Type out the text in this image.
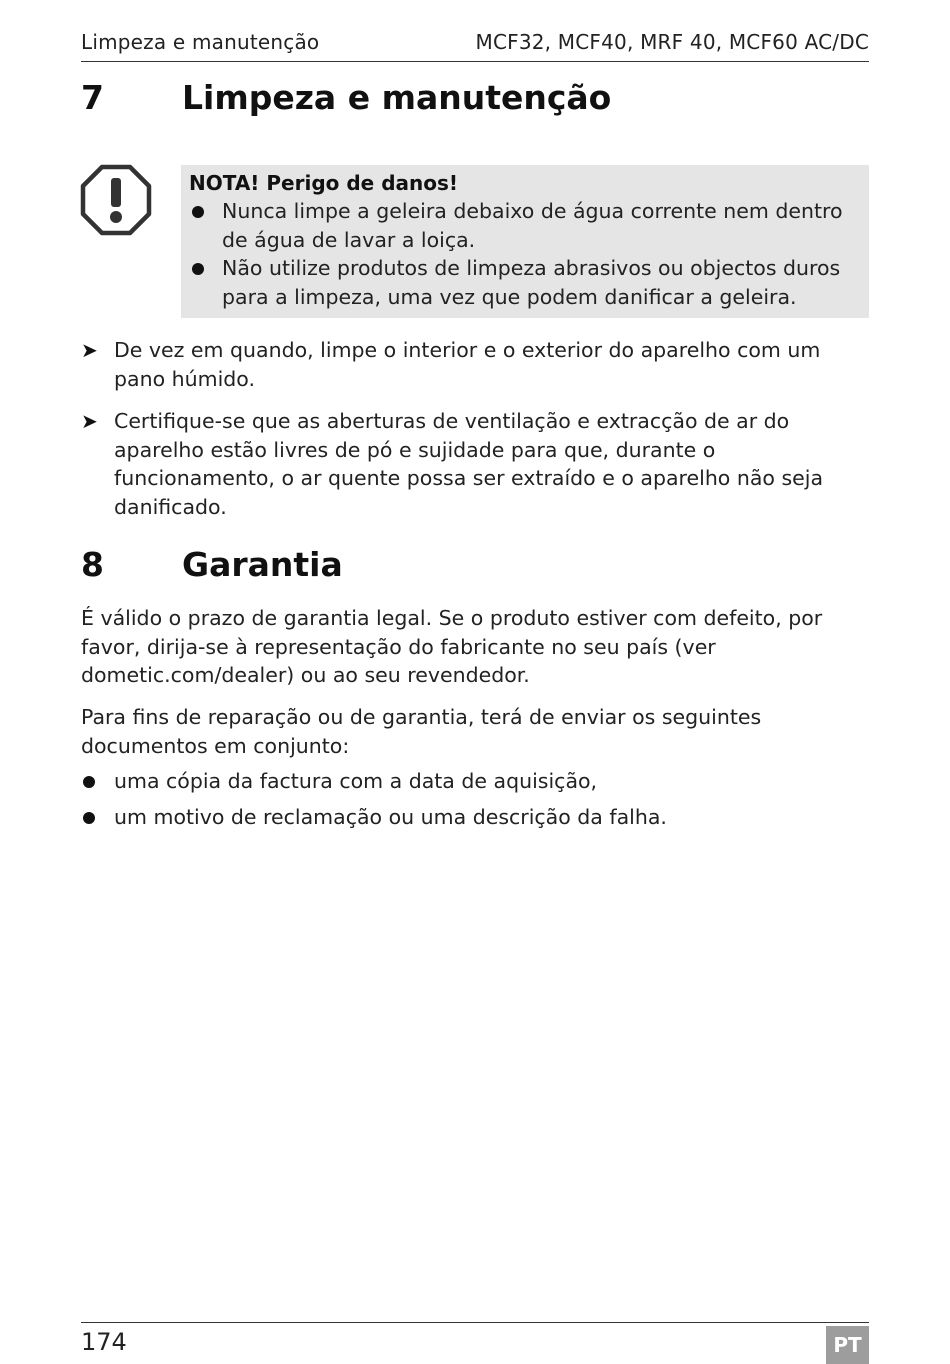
Limpeza e manutenção	MCF32, MCF40, MRF 40, MCF60 AC/DC
7	Limpeza e manutenção
NOTA! Perigo de danos!
Nunca limpe a geleira debaixo de água corrente nem dentro de água de lavar a loiça.
Não utilize produtos de limpeza abrasivos ou objectos duros para a limpeza, uma vez que podem danificar a geleira.
➤ De vez em quando, limpe o interior e o exterior do aparelho com um pano húmido.
➤ Certifique-se que as aberturas de ventilação e extracção de ar do aparelho estão livres de pó e sujidade para que, durante o funcionamento, o ar quente possa ser extraído e o aparelho não seja danificado.
8	Garantia

É válido o prazo de garantia legal. Se o produto estiver com defeito, por favor, dirija-se à representação do fabricante no seu país (ver dometic.com/dealer) ou ao seu revendedor.

Para fins de reparação ou de garantia, terá de enviar os seguintes documentos em conjunto:

uma cópia da factura com a data de aquisição,
um motivo de reclamação ou uma descrição da falha.
174	PT
